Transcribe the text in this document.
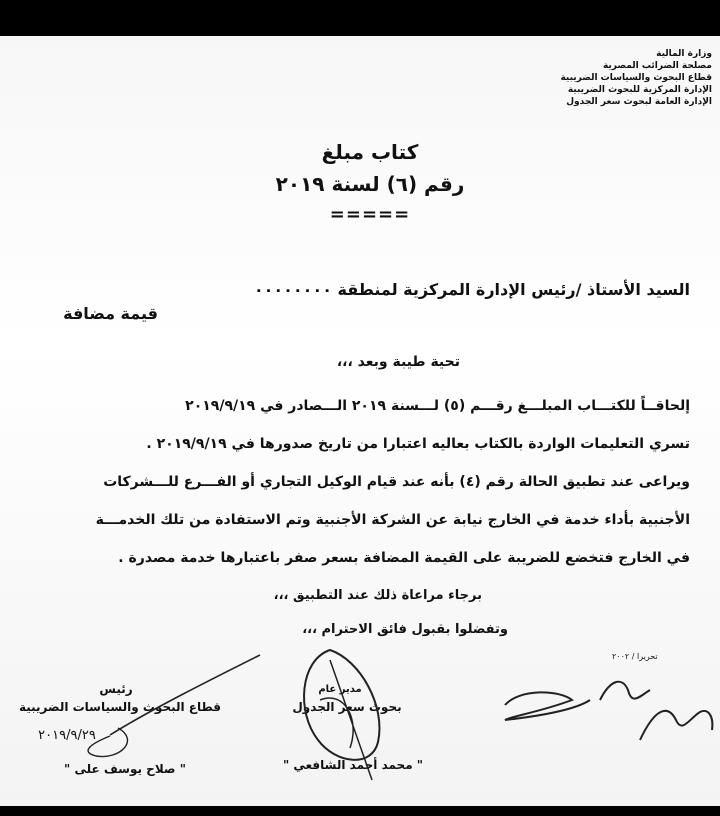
وزارة المالية
مصلحة الضرائب المصرية
قطاع البحوث والسياسات الضريبية
الإدارة المركزية للبحوث الضريبية
الإدارة العامة لبحوث سعر الجدول
كتاب مبلغ
رقم (٦) لسنة ٢٠١٩
=====
السيد الأستاذ /رئيس الإدارة المركزية لمنطقة ٠٠٠٠٠٠٠٠
قيمة مضافة
تحية طيبة وبعد ،،،
إلحاقــاً للكتـــاب المبلـــغ رقـــم (٥) لـــسنة ٢٠١٩ الـــصادر في ٢٠١٩/٩/١٩
تسري التعليمات الواردة بالكتاب بعاليه اعتبارا من تاريخ صدورها في ٢٠١٩/٩/١٩ .
ويراعى عند تطبيق الحالة رقم (٤) بأنه عند قيام الوكيل التجاري أو الفـــرع للـــشركات
الأجنبية بأداء خدمة في الخارج نيابة عن الشركة الأجنبية وتم الاستفادة من تلك الخدمـــة
في الخارج فتخضع للضريبة على القيمة المضافة بسعر صفر باعتبارها خدمة مصدرة .
برجاء مراعاة ذلك عند التطبيق ،،،
وتفضلوا بقبول فائق الاحترام ،،،
تحريرا / ٢٠٠٢
مدير عام
بحوث سعر الجدول
" محمد أحمد الشافعي "
رئيس
قطاع البحوث والسياسات الضريبية
٢٠١٩/٩/٢٩
" صلاح يوسف على "
